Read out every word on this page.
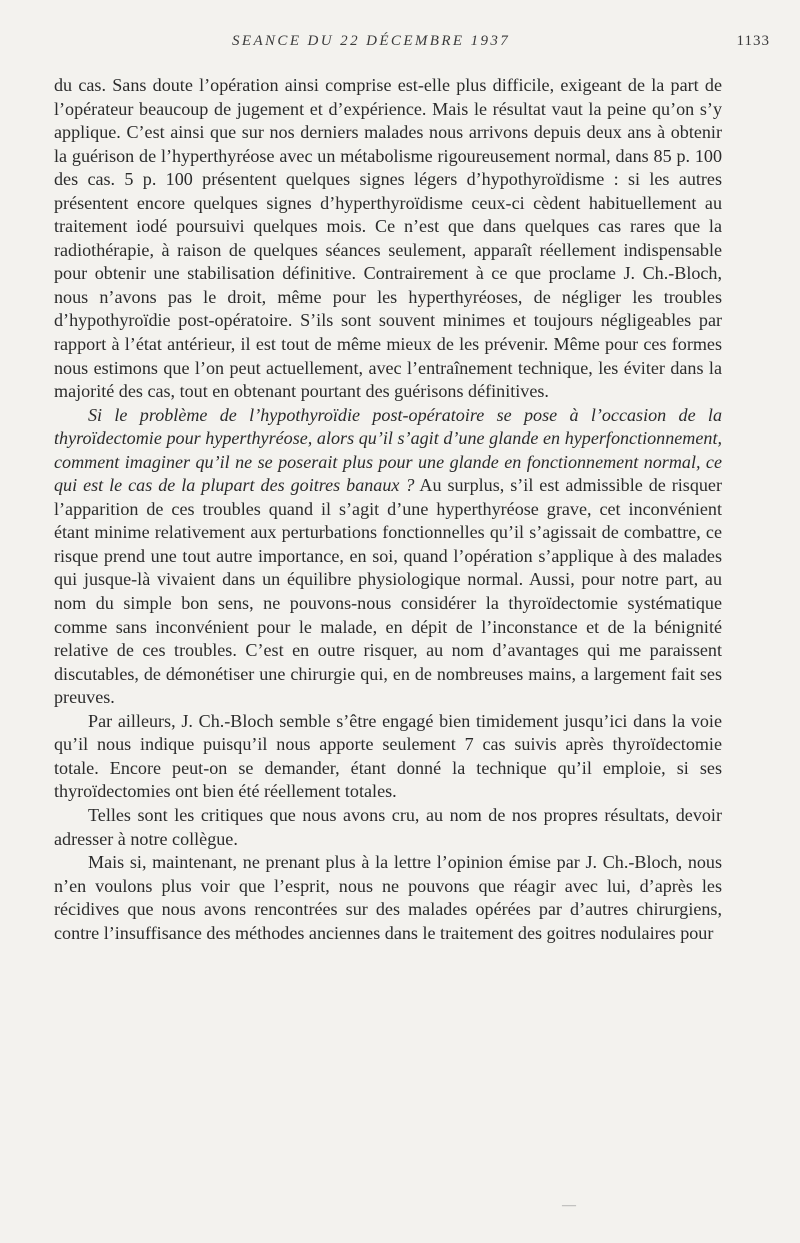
SEANCE DU 22 DÉCEMBRE 1937	1133

du cas. Sans doute l’opération ainsi comprise est-elle plus difficile, exigeant de la part de l’opérateur beaucoup de jugement et d’expérience. Mais le résultat vaut la peine qu’on s’y applique. C’est ainsi que sur nos derniers malades nous arrivons depuis deux ans à obtenir la guérison de l’hyperthyréose avec un métabolisme rigoureusement normal, dans 85 p. 100 des cas. 5 p. 100 présentent quelques signes légers d’hypothyroïdisme : si les autres présentent encore quelques signes d’hyperthyroïdisme ceux-ci cèdent habituellement au traitement iodé poursuivi quelques mois. Ce n’est que dans quelques cas rares que la radiothérapie, à raison de quelques séances seulement, apparaît réellement indispensable pour obtenir une stabilisation définitive. Contrairement à ce que proclame J. Ch.-Bloch, nous n’avons pas le droit, même pour les hyperthyréoses, de négliger les troubles d’hypothyroïdie post-opératoire. S’ils sont souvent minimes et toujours négligeables par rapport à l’état antérieur, il est tout de même mieux de les prévenir. Même pour ces formes nous estimons que l’on peut actuellement, avec l’entraînement technique, les éviter dans la majorité des cas, tout en obtenant pourtant des guérisons définitives.

Si le problème de l’hypothyroïdie post-opératoire se pose à l’occasion de la thyroïdectomie pour hyperthyréose, alors qu’il s’agit d’une glande en hyperfonctionnement, comment imaginer qu’il ne se poserait plus pour une glande en fonctionnement normal, ce qui est le cas de la plupart des goitres banaux ? Au surplus, s’il est admissible de risquer l’apparition de ces troubles quand il s’agit d’une hyperthyréose grave, cet inconvénient étant minime relativement aux perturbations fonctionnelles qu’il s’agissait de combattre, ce risque prend une tout autre importance, en soi, quand l’opération s’applique à des malades qui jusque-là vivaient dans un équilibre physiologique normal. Aussi, pour notre part, au nom du simple bon sens, ne pouvons-nous considérer la thyroïdectomie systématique comme sans inconvénient pour le malade, en dépit de l’inconstance et de la bénignité relative de ces troubles. C’est en outre risquer, au nom d’avantages qui me paraissent discutables, de démonétiser une chirurgie qui, en de nombreuses mains, a largement fait ses preuves.

Par ailleurs, J. Ch.-Bloch semble s’être engagé bien timidement jusqu’ici dans la voie qu’il nous indique puisqu’il nous apporte seulement 7 cas suivis après thyroïdectomie totale. Encore peut-on se demander, étant donné la technique qu’il emploie, si ses thyroïdectomies ont bien été réellement totales.

Telles sont les critiques que nous avons cru, au nom de nos propres résultats, devoir adresser à notre collègue.

Mais si, maintenant, ne prenant plus à la lettre l’opinion émise par J. Ch.-Bloch, nous n’en voulons plus voir que l’esprit, nous ne pouvons que réagir avec lui, d’après les récidives que nous avons rencontrées sur des malades opérées par d’autres chirurgiens, contre l’insuffisance des méthodes anciennes dans le traitement des goitres nodulaires pour

—
